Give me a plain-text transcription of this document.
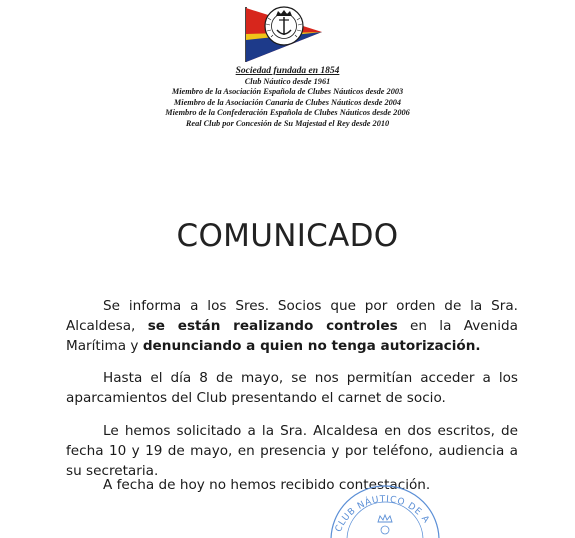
Sociedad fundada en 1854
Club Náutico desde 1961
Miembro de la Asociación Española de Clubes Náuticos desde 2003
Miembro de la Asociación Canaria de Clubes Náuticos desde 2004
Miembro de la Confederación Española de Clubes Náuticos desde 2006
Real Club por Concesión de Su Majestad el Rey desde 2010
COMUNICADO
Se informa a los Sres. Socios que por orden de la Sra. Alcaldesa, se están realizando controles en la Avenida Marítima y denunciando a quien no tenga autorización.
Hasta el día 8 de mayo, se nos permitían acceder a los aparcamientos del Club presentando el carnet de socio.
Le hemos solicitado a la Sra. Alcaldesa en dos escritos, de fecha 10 y 19 de mayo, en presencia y por teléfono, audiencia a su secretaria.
A fecha de hoy no hemos recibido contestación.
CLUB NÁUTICO DE A
